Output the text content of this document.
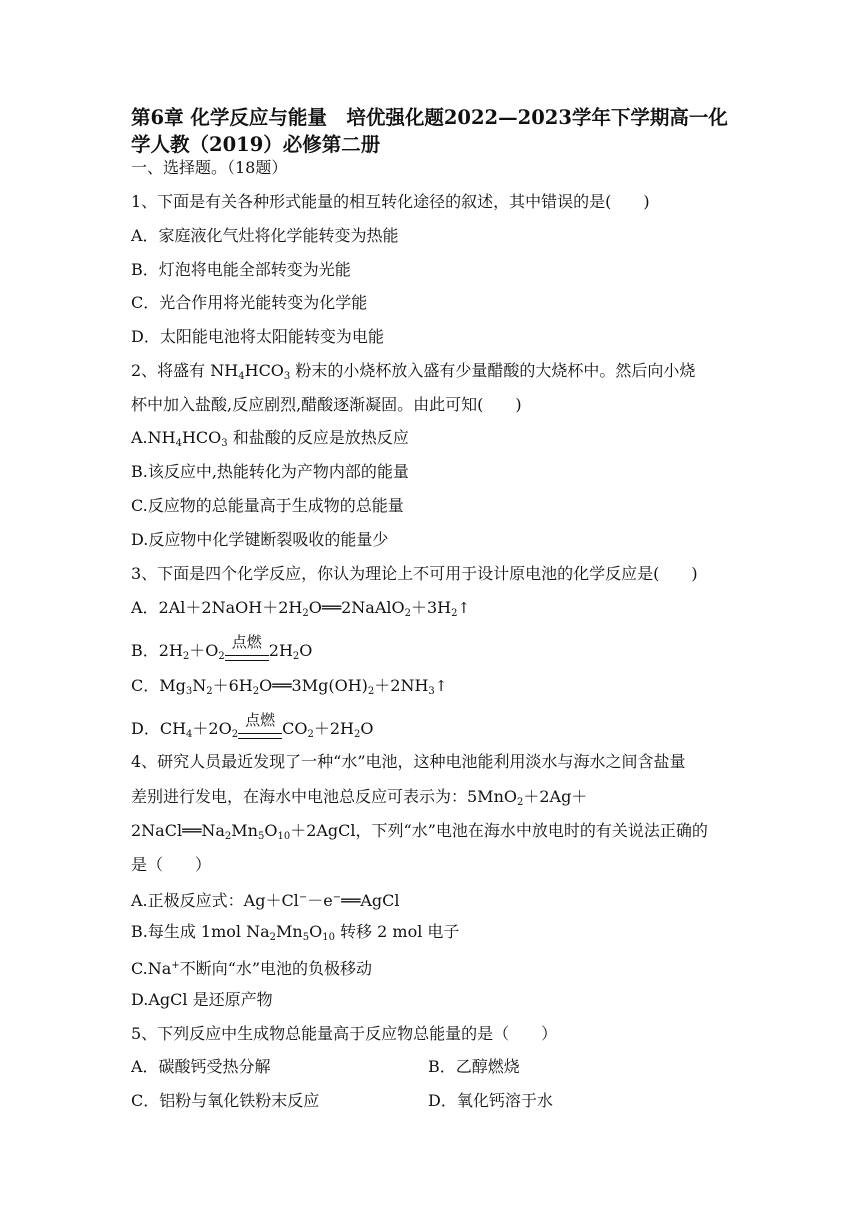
第6章 化学反应与能量　培优强化题2022—2023学年下学期高一化
学人教（2019）必修第二册
一、选择题。（18题）
1、下面是有关各种形式能量的相互转化途径的叙述，其中错误的是(　　)
A．家庭液化气灶将化学能转变为热能
B．灯泡将电能全部转变为光能
C．光合作用将光能转变为化学能
D．太阳能电池将太阳能转变为电能
2、将盛有 $NH_4HCO_3$ 粉末的小烧杯放入盛有少量醋酸的大烧杯中。然后向小烧
杯中加入盐酸,反应剧烈,醋酸逐渐凝固。由此可知(　　)
$A.NH_4HCO_3$ 和盐酸的反应是放热反应
B.该反应中,热能转化为产物内部的能量
C.反应物的总能量高于生成物的总能量
D.反应物中化学键断裂吸收的能量少
3、下面是四个化学反应，你认为理论上不可用于设计原电池的化学反应是(　　)
A．$2Al+2NaOH+2H_2O══2NaAlO_2+3H_2↑$
B．$2H_2+O_2$
点燃 $2H_2O$
C．$Mg_3N_2+6H_2O══3Mg(OH)_2+2NH_3↑$
D．$CH_4+2O_2$
点燃 $CO_2+2H_2O$
4、研究人员最近发现了一种“水”电池，这种电池能利用淡水与海水之间含盐量
差别进行发电，在海水中电池总反应可表示为：5MnO$_2$＋2Ag＋
$2NaCl══Na_2Mn_5O_{10}+2AgCl$，下列“水”电池在海水中放电时的有关说法正确的
是（　　）
A.正极反应式：Ag＋Cl−－e−══AgCl
B.每生成 1mol $Na_2Mn_5O_{10}$ 转移 2 mol 电子
C.Na+不断向“水”电池的负极移动
D.AgCl 是还原产物
5、下列反应中生成物总能量高于反应物总能量的是（　　）
A．碳酸钙受热分解	B．乙醇燃烧
C．铝粉与氧化铁粉末反应	D．氧化钙溶于水
